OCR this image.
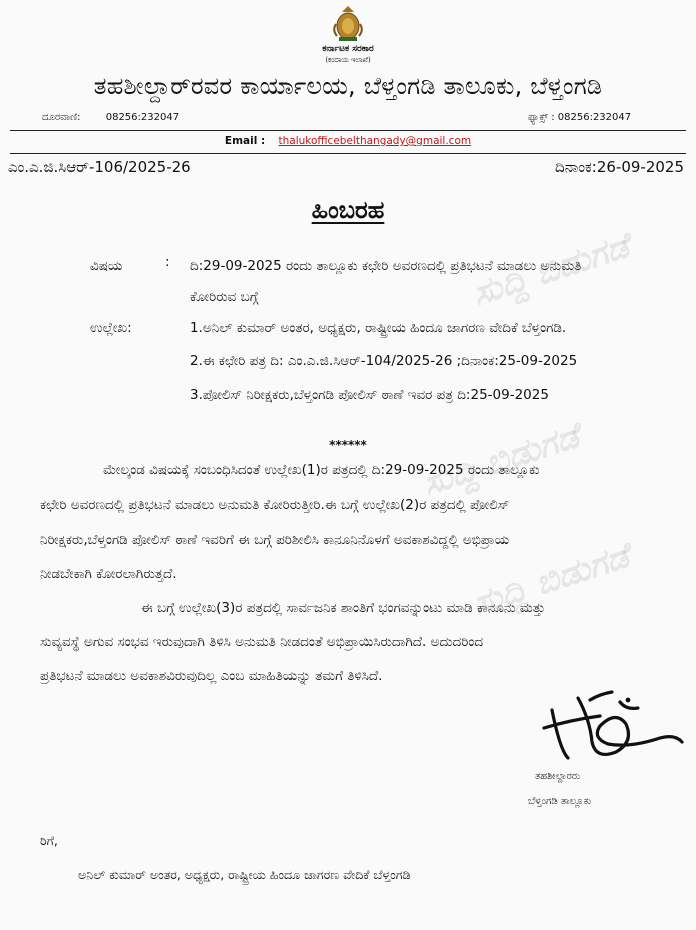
ಸುದ್ದಿ ಬಿಡುಗಡೆ
ಸುದ್ದಿ ಬಿಡುಗಡೆ
ಸುದ್ದಿ ಬಿಡುಗಡೆ
ಕರ್ನಾಟಕ ಸರಕಾರ
(ಕಂದಾಯ ಇಲಾಖೆ)
ತಹಶೀಲ್ದಾರ್‌ರವರ ಕಾರ್ಯಾಲಯ, ಬೆಳ್ತಂಗಡಿ ತಾಲೂಕು, ಬೆಳ್ತಂಗಡಿ
ದೂರವಾಣಿ:	08256:232047	ಫ್ಯಾಕ್ಸ್ : 08256:232047
Email : thalukofficebelthangady@gmail.com
ಎಂ.ಎ.ಜಿ.ಸಿಆರ್-106/2025-26	ದಿನಾಂಕ:26-09-2025
ಹಿಂಬರಹ
ವಿಷಯ	: ದಿ:29-09-2025 ರಂದು ತಾಲ್ಲೂಕು ಕಛೇರಿ ಅವರಣದಲ್ಲಿ ಪ್ರತಿಭಟನೆ ಮಾಡಲು ಅನುಮತಿ
ಕೋರಿರುವ ಬಗ್ಗೆ
ಉಲ್ಲೇಖ:	1.ಅನಿಲ್ ಕುಮಾರ್ ಅಂತರ, ಅಧ್ಯಕ್ಷರು, ರಾಷ್ಟ್ರೀಯ ಹಿಂದೂ ಜಾಗರಣ ವೇದಿಕೆ ಬೆಳ್ತಂಗಡಿ.
2.ಈ ಕಛೇರಿ ಪತ್ರ ದಿ: ಎಂ.ಎ.ಜಿ.ಸಿಆರ್-104/2025-26 ;ದಿನಾಂಕ:25-09-2025
3.ಪೋಲಿಸ್ ನಿರೀಕ್ಷಕರು,ಬೆಳ್ತಂಗಡಿ ಪೋಲಿಸ್ ಠಾಣೆ ಇವರ ಪತ್ರ ದಿ:25-09-2025
******
ಮೇಲ್ಕಂಡ ವಿಷಯಕ್ಕೆ ಸಂಬಂಧಿಸಿದಂತೆ ಉಲ್ಲೇಖ(1)ರ ಪತ್ರದಲ್ಲಿ ದಿ:29-09-2025 ರಂದು ತಾಲ್ಲೂಕು
ಕಛೇರಿ ಅವರಣದಲ್ಲಿ ಪ್ರತಿಭಟನೆ ಮಾಡಲು ಅನುಮತಿ ಕೋರಿರುತ್ತೀರಿ.ಈ ಬಗ್ಗೆ ಉಲ್ಲೇಖ(2)ರ ಪತ್ರದಲ್ಲಿ ಪೋಲಿಸ್
ನಿರೀಕ್ಷಕರು,ಬೆಳ್ತಂಗಡಿ ಪೋಲಿಸ್ ಠಾಣೆ ಇವರಿಗೆ ಈ ಬಗ್ಗೆ ಪರಿಶೀಲಿಸಿ ಕಾನೂನಿನೊಳಗೆ ಅವಕಾಶವಿದ್ದಲ್ಲಿ ಅಭಿಪ್ರಾಯ
ನೀಡಬೇಕಾಗಿ ಕೋರಲಾಗಿರುತ್ತದೆ.
ಈ ಬಗ್ಗೆ ಉಲ್ಲೇಖ(3)ರ ಪತ್ರದಲ್ಲಿ ಸಾರ್ವಜನಿಕ ಶಾಂತಿಗೆ ಭಂಗವನ್ನುಂಟು ಮಾಡಿ ಕಾನೂನು ಮತ್ತು
ಸುವ್ಯವಸ್ಥೆ ಅಗುವ ಸಂಭವ ಇರುವುದಾಗಿ ತಿಳಿಸಿ ಅನುಮತಿ ನೀಡದಂತೆ ಅಭಿಪ್ರಾಯಿಸಿರುದಾಗಿದೆ. ಅದುದರಿಂದ
ಪ್ರತಿಭಟನೆ ಮಾಡಲು ಅವಕಾಶವಿರುವುದಿಲ್ಲ ಎಂಬ ಮಾಹಿತಿಯನ್ನು ತಮಗೆ ತಿಳಿಸಿದೆ.
ತಹಶೀಲ್ದಾರರು
ಬೆಳ್ತಂಗಡಿ ತಾಲ್ಲೂಕು
ರಿಗೆ,
ಅನಿಲ್ ಕುಮಾರ್ ಅಂತರ, ಅಧ್ಯಕ್ಷರು, ರಾಷ್ಟ್ರೀಯ ಹಿಂದೂ ಜಾಗರಣ ವೇದಿಕೆ ಬೆಳ್ತಂಗಡಿ
